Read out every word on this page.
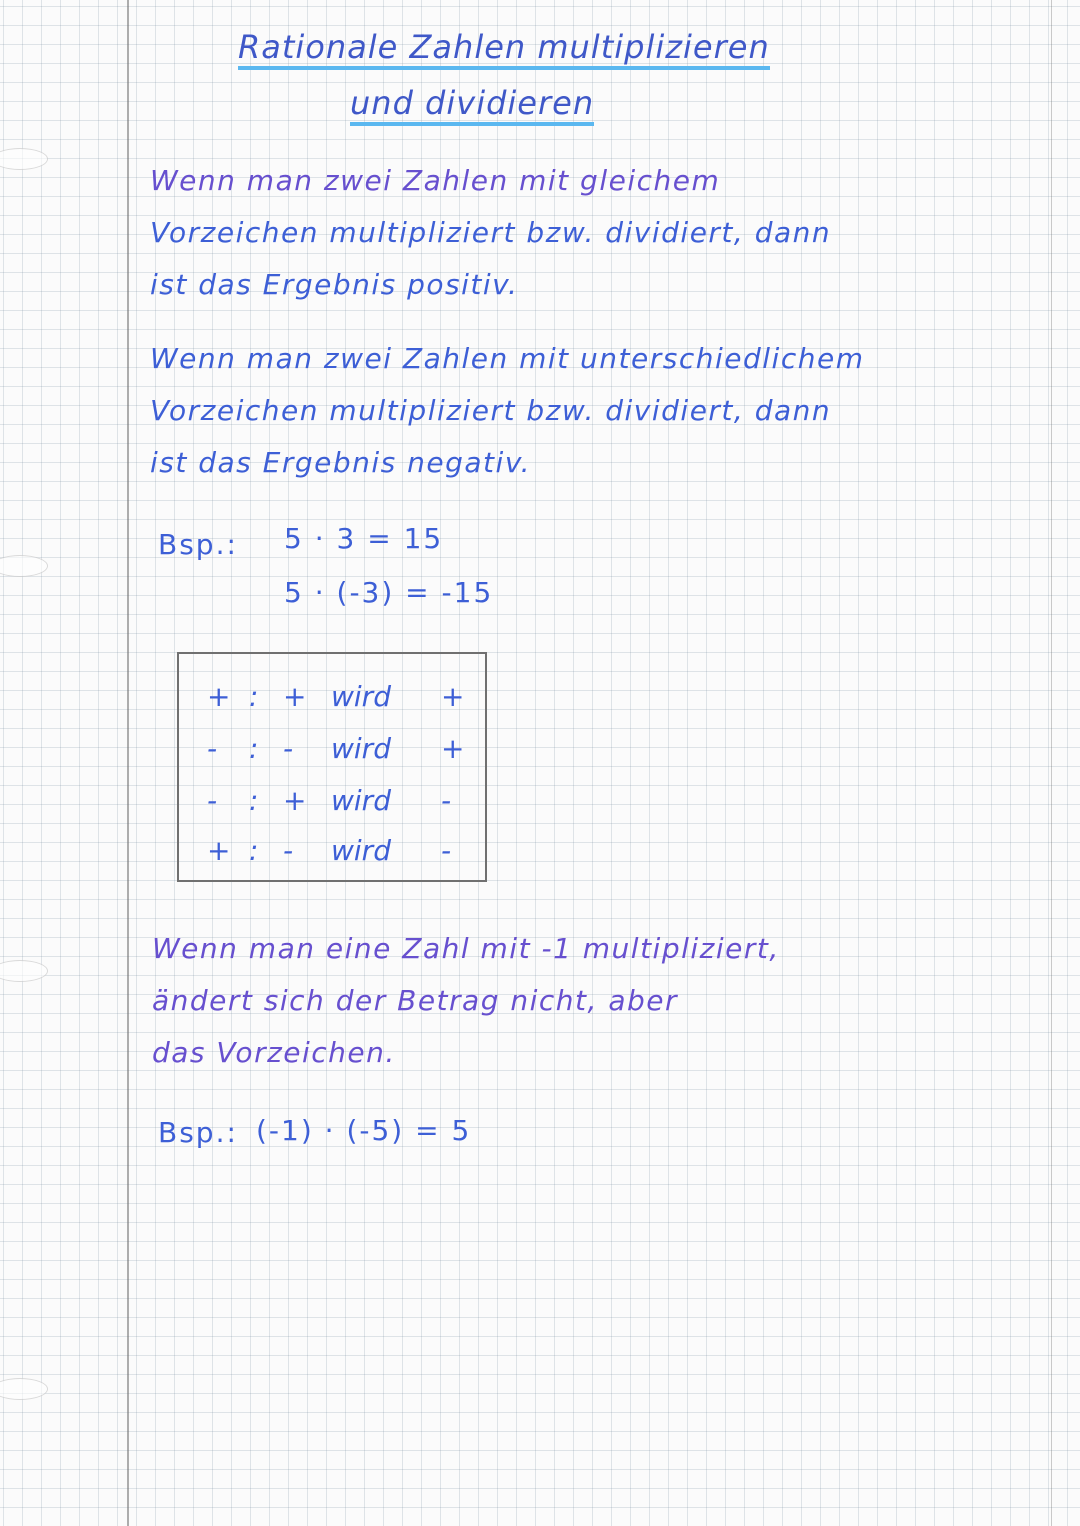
Rationale Zahlen multiplizieren
und dividieren
Wenn man zwei Zahlen mit gleichem
Vorzeichen multipliziert bzw. dividiert, dann
ist das Ergebnis positiv.
Wenn man zwei Zahlen mit unterschiedlichem
Vorzeichen multipliziert bzw. dividiert, dann
ist das Ergebnis negativ.
Bsp.: 5 · 3 = 15
5 · (-3) = -15
+ : + wird +
- : - wird +
- : + wird -
+ : - wird -
Wenn man eine Zahl mit -1 multipliziert,
ändert sich der Betrag nicht, aber
das Vorzeichen.
Bsp.: (-1) · (-5) = 5
